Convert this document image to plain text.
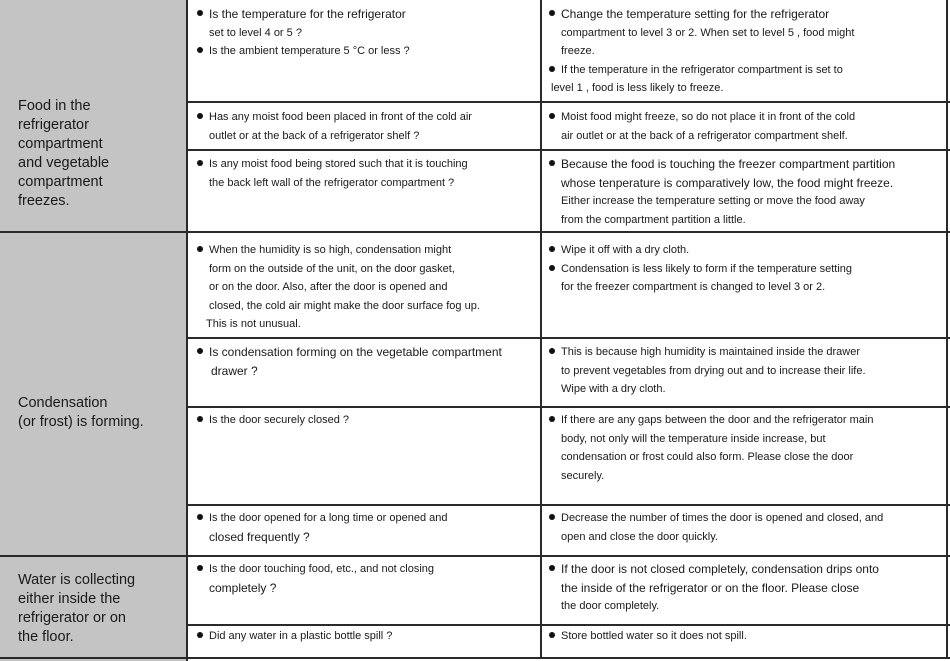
Food in the
refrigerator
compartment
and vegetable
compartment
freezes.
Condensation
(or frost) is forming.
Water is collecting
either inside the
refrigerator or on
the floor.
Is the temperature for the refrigerator
set to level 4 or 5 ?
Is the ambient temperature 5 °C or less ?
Change the temperature setting for the refrigerator
compartment to level 3 or 2. When set to level 5 , food might
freeze.
If the temperature in the refrigerator compartment is set to
level 1 , food is less likely to freeze.
Has any moist food been placed in front of the cold air
outlet or at the back of a refrigerator shelf ?
Moist food might freeze, so do not place it in front of the cold
air outlet or at the back of a refrigerator compartment shelf.
Is any moist food being stored such that it is touching
the back left wall of the refrigerator compartment ?
Because the food is touching the freezer compartment partition
whose tenperature is comparatively low, the food might freeze.
Either increase the temperature setting or move the food away
from the compartment partition a little.
When the humidity is so high, condensation might
form on the outside of the unit, on the door gasket,
or on the door. Also, after the door is opened and
closed, the cold air might make the door surface fog up.
This is not unusual.
Wipe it off with a dry cloth.
Condensation is less likely to form if the temperature setting
for the freezer compartment is changed to level 3 or 2.
Is condensation forming on the vegetable compartment
drawer ?
This is because high humidity is maintained inside the drawer
to prevent vegetables from drying out and to increase their life.
Wipe with a dry cloth.
Is the door securely closed ?	If there are any gaps between the door and the refrigerator main
body, not only will the temperature inside increase, but
condensation or frost could also form. Please close the door
securely.
Is the door opened for a long time or opened and
closed frequently ?
Decrease the number of times the door is opened and closed, and
open and close the door quickly.
Is the door touching food, etc., and not closing
completely ?
If the door is not closed completely, condensation drips onto
the inside of the refrigerator or on the floor. Please close
the door completely.
Did any water in a plastic bottle spill ?	Store bottled water so it does not spill.
